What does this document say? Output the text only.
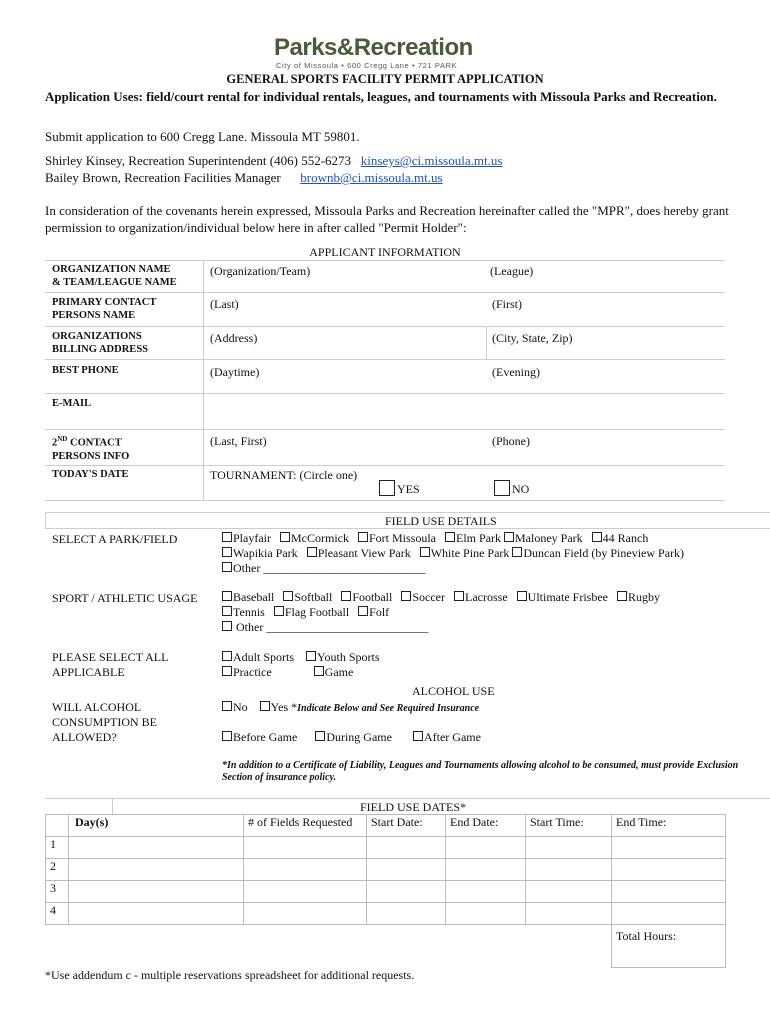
Parks&Recreation
City of Missoula • 600 Cregg Lane • 721 PARK
GENERAL SPORTS FACILITY PERMIT APPLICATION
Application Uses: field/court rental for individual rentals, leagues, and tournaments with Missoula Parks and Recreation.
Submit application to 600 Cregg Lane. Missoula MT 59801.
Shirley Kinsey, Recreation Superintendent (406) 552-6273 kinseys@ci.missoula.mt.us
Bailey Brown, Recreation Facilities Manager brownb@ci.missoula.mt.us
In consideration of the covenants herein expressed, Missoula Parks and Recreation hereinafter called the "MPR", does hereby grant permission to organization/individual below here in after called "Permit Holder":
APPLICANT INFORMATION
ORGANIZATION NAME
& TEAM/LEAGUE NAME
(Organization/Team)	(League)
PRIMARY CONTACT
PERSONS NAME
(Last)	(First)
ORGANIZATIONS
BILLING ADDRESS
(Address)	(City, State, Zip)
BEST PHONE	(Daytime)	(Evening)
E-MAIL
2ND CONTACT
PERSONS INFO
(Last, First)	(Phone)
TODAY'S DATE	TOURNAMENT: (Circle one)
YES	NO
FIELD USE DETAILS
SELECT A PARK/FIELD	Playfair McCormick Fort Missoula Elm Park Maloney Park 44 Ranch
Wapikia Park Pleasant View Park White Pine Park Duncan Field (by Pineview Park)
Other ___________________________
SPORT / ATHLETIC USAGE	Baseball Softball Football Soccer Lacrosse Ultimate Frisbee Rugby
Tennis Flag Football Folf
Other ___________________________
PLEASE SELECT ALL
APPLICABLE
Adult Sports Youth Sports
Practice	Game
ALCOHOL USE
WILL ALCOHOL
CONSUMPTION BE
ALLOWED?
No Yes *Indicate Below and See Required Insurance
Before Game During Game	After Game
*In addition to a Certificate of Liability, Leagues and Tournaments allowing alcohol to be consumed, must provide Exclusion Section of insurance policy.
FIELD USE DATES*
	Day(s)	# of Fields Requested	Start Date:	End Date:	Start Time:	End Time:
1						
2						
3						
4						
						Total Hours:
*Use addendum c - multiple reservations spreadsheet for additional requests.
